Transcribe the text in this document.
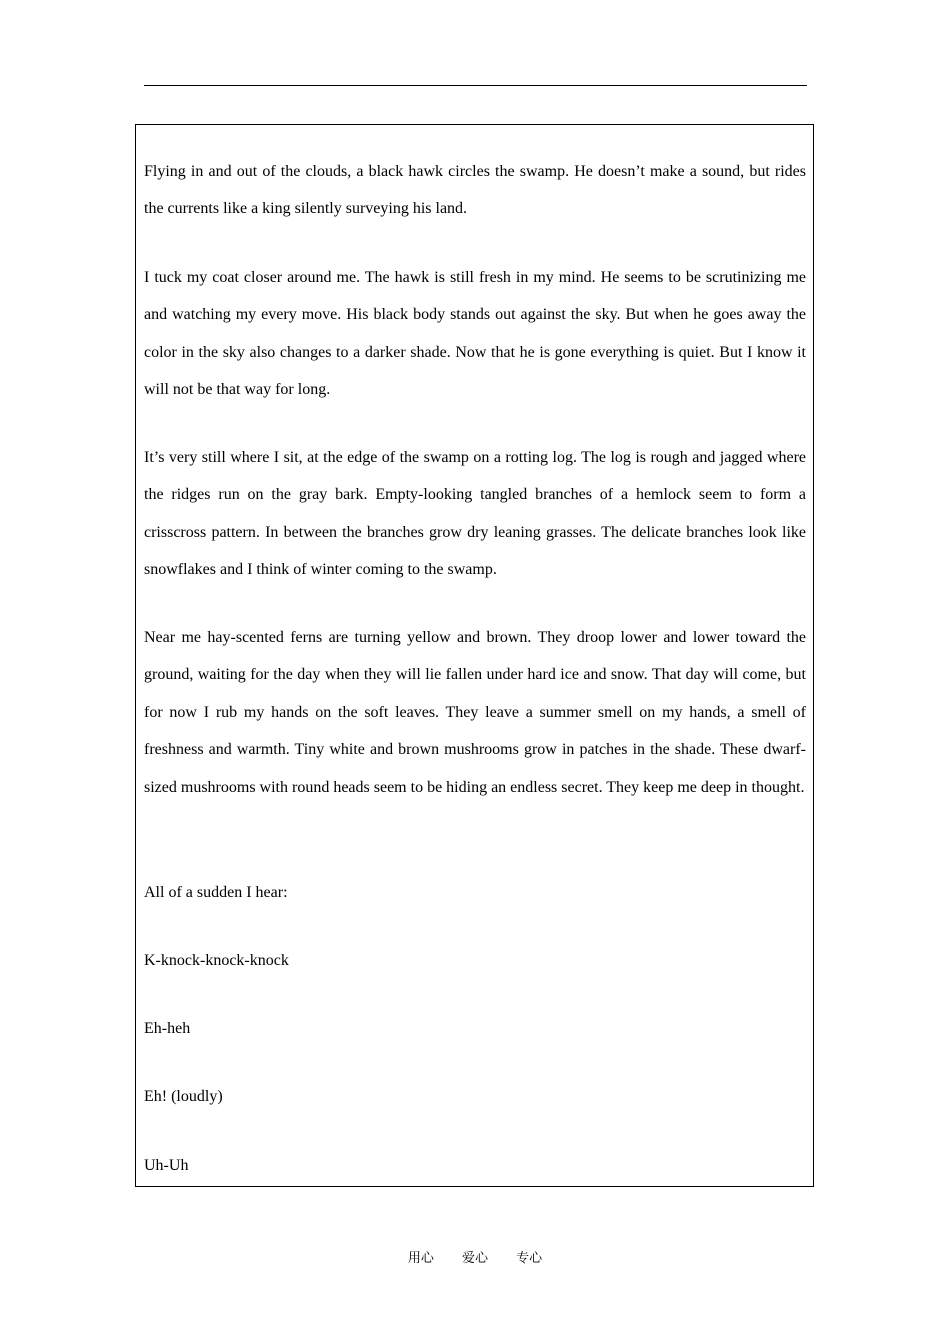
Flying in and out of the clouds, a black hawk circles the swamp. He doesn’t make a sound, but rides the currents like a king silently surveying his land.

I tuck my coat closer around me. The hawk is still fresh in my mind. He seems to be scrutinizing me and watching my every move. His black body stands out against the sky. But when he goes away the color in the sky also changes to a darker shade. Now that he is gone everything is quiet. But I know it will not be that way for long.

It’s very still where I sit, at the edge of the swamp on a rotting log. The log is rough and jagged where the ridges run on the gray bark. Empty-looking tangled branches of a hemlock seem to form a crisscross pattern. In between the branches grow dry leaning grasses. The delicate branches look like snowflakes and I think of winter coming to the swamp.

Near me hay-scented ferns are turning yellow and brown. They droop lower and lower toward the ground, waiting for the day when they will lie fallen under hard ice and snow. That day will come, but for now I rub my hands on the soft leaves. They leave a summer smell on my hands, a smell of freshness and warmth. Tiny white and brown mushrooms grow in patches in the shade. These dwarf-sized mushrooms with round heads seem to be hiding an endless secret. They keep me deep in thought.

All of a sudden I hear:

K-knock-knock-knock

Eh-heh

Eh! (loudly)

Uh-Uh

用心 爱心 专心
